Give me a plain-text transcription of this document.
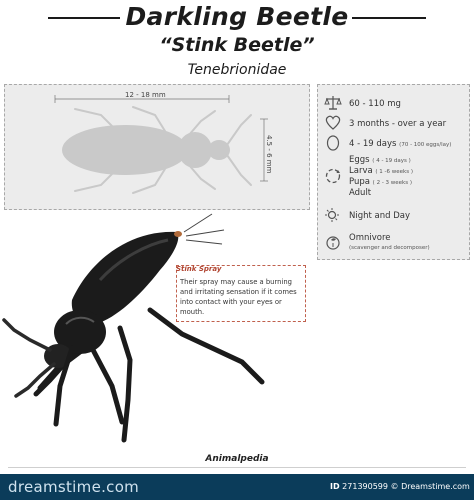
Darkling Beetle
“Stink Beetle”
Tenebrionidae
12 - 18 mm
4.5 - 6 mm
60 - 110 mg
3 months - over a year
4 - 19 days (70 - 100 eggs/lay)
Eggs ( 4 - 19 days )
Larva ( 1 -6 weeks )
Pupa ( 2 - 3 weeks )
Adult
Night and Day
Omnivore
(scavenger and decomposer)
Stink Spray
Their spray may cause a burning and irritating sensation if it comes into contact with your eyes or mouth.
Animalpedia
dreamstime.com	ID 271390599 © Dreamstime.com
